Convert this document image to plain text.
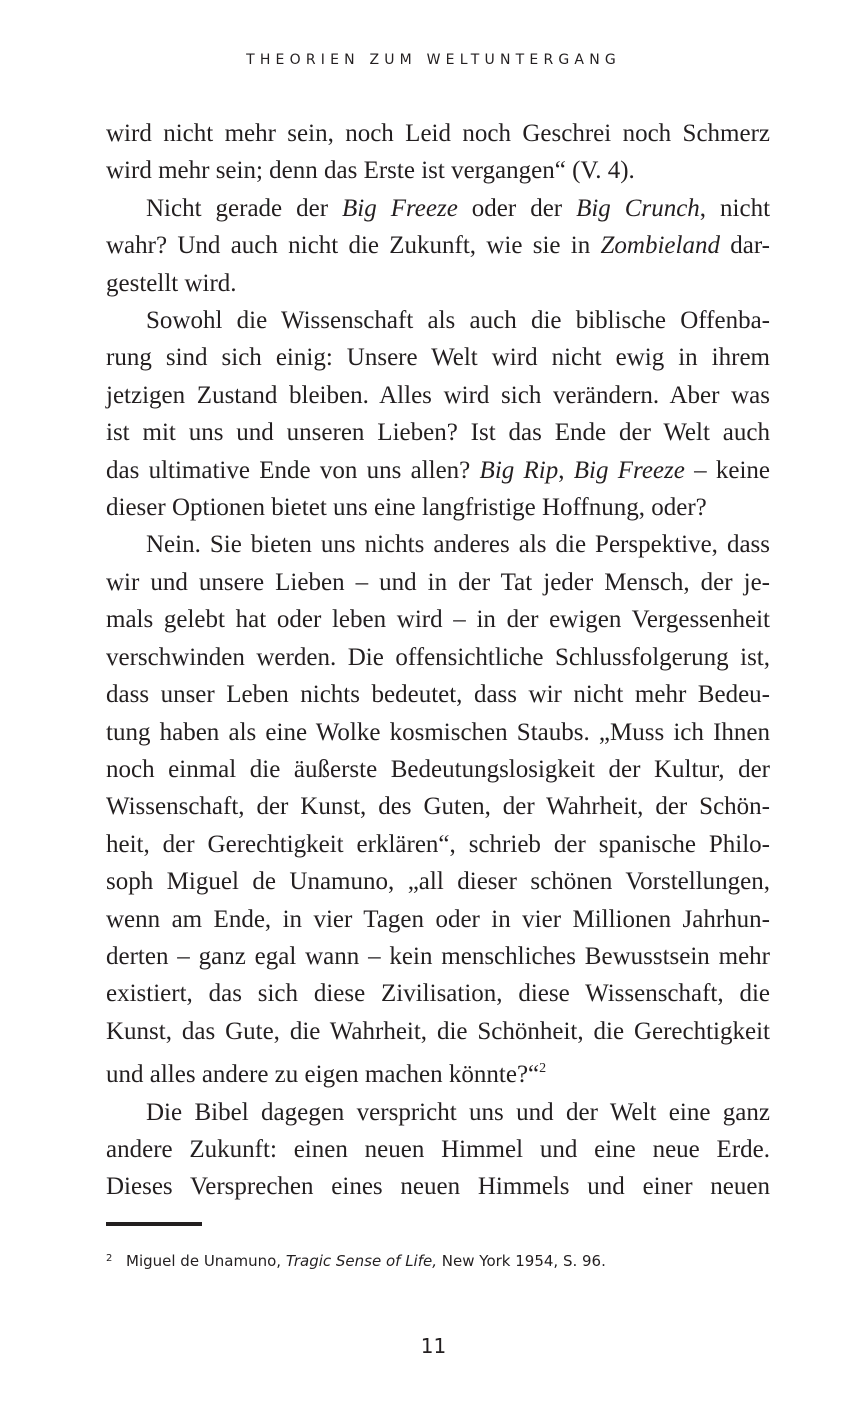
THEORIEN ZUM WELTUNTERGANG
wird nicht mehr sein, noch Leid noch Geschrei noch Schmerz
wird mehr sein; denn das Erste ist vergangen“ (V. 4).
Nicht gerade der Big Freeze oder der Big Crunch, nicht
wahr? Und auch nicht die Zukunft, wie sie in Zombieland dar-
gestellt wird.
Sowohl die Wissenschaft als auch die biblische Offenba-
rung sind sich einig: Unsere Welt wird nicht ewig in ihrem
jetzigen Zustand bleiben. Alles wird sich verändern. Aber was
ist mit uns und unseren Lieben? Ist das Ende der Welt auch
das ultimative Ende von uns allen? Big Rip, Big Freeze – keine
dieser Optionen bietet uns eine langfristige Hoffnung, oder?
Nein. Sie bieten uns nichts anderes als die Perspektive, dass
wir und unsere Lieben – und in der Tat jeder Mensch, der je-
mals gelebt hat oder leben wird – in der ewigen Vergessenheit
verschwinden werden. Die offensichtliche Schlussfolgerung ist,
dass unser Leben nichts bedeutet, dass wir nicht mehr Bedeu-
tung haben als eine Wolke kosmischen Staubs. „Muss ich Ihnen
noch einmal die äußerste Bedeutungslosigkeit der Kultur, der
Wissenschaft, der Kunst, des Guten, der Wahrheit, der Schön-
heit, der Gerechtigkeit erklären“, schrieb der spanische Philo-
soph Miguel de Unamuno, „all dieser schönen Vorstellungen,
wenn am Ende, in vier Tagen oder in vier Millionen Jahrhun-
derten – ganz egal wann – kein menschliches Bewusstsein mehr
existiert, das sich diese Zivilisation, diese Wissenschaft, die
Kunst, das Gute, die Wahrheit, die Schönheit, die Gerechtigkeit
und alles andere zu eigen machen könnte?“$^2$
Die Bibel dagegen verspricht uns und der Welt eine ganz
andere Zukunft: einen neuen Himmel und eine neue Erde.
Dieses Versprechen eines neuen Himmels und einer neuen
2 Miguel de Unamuno, Tragic Sense of Life, New York 1954, S. 96.
11
